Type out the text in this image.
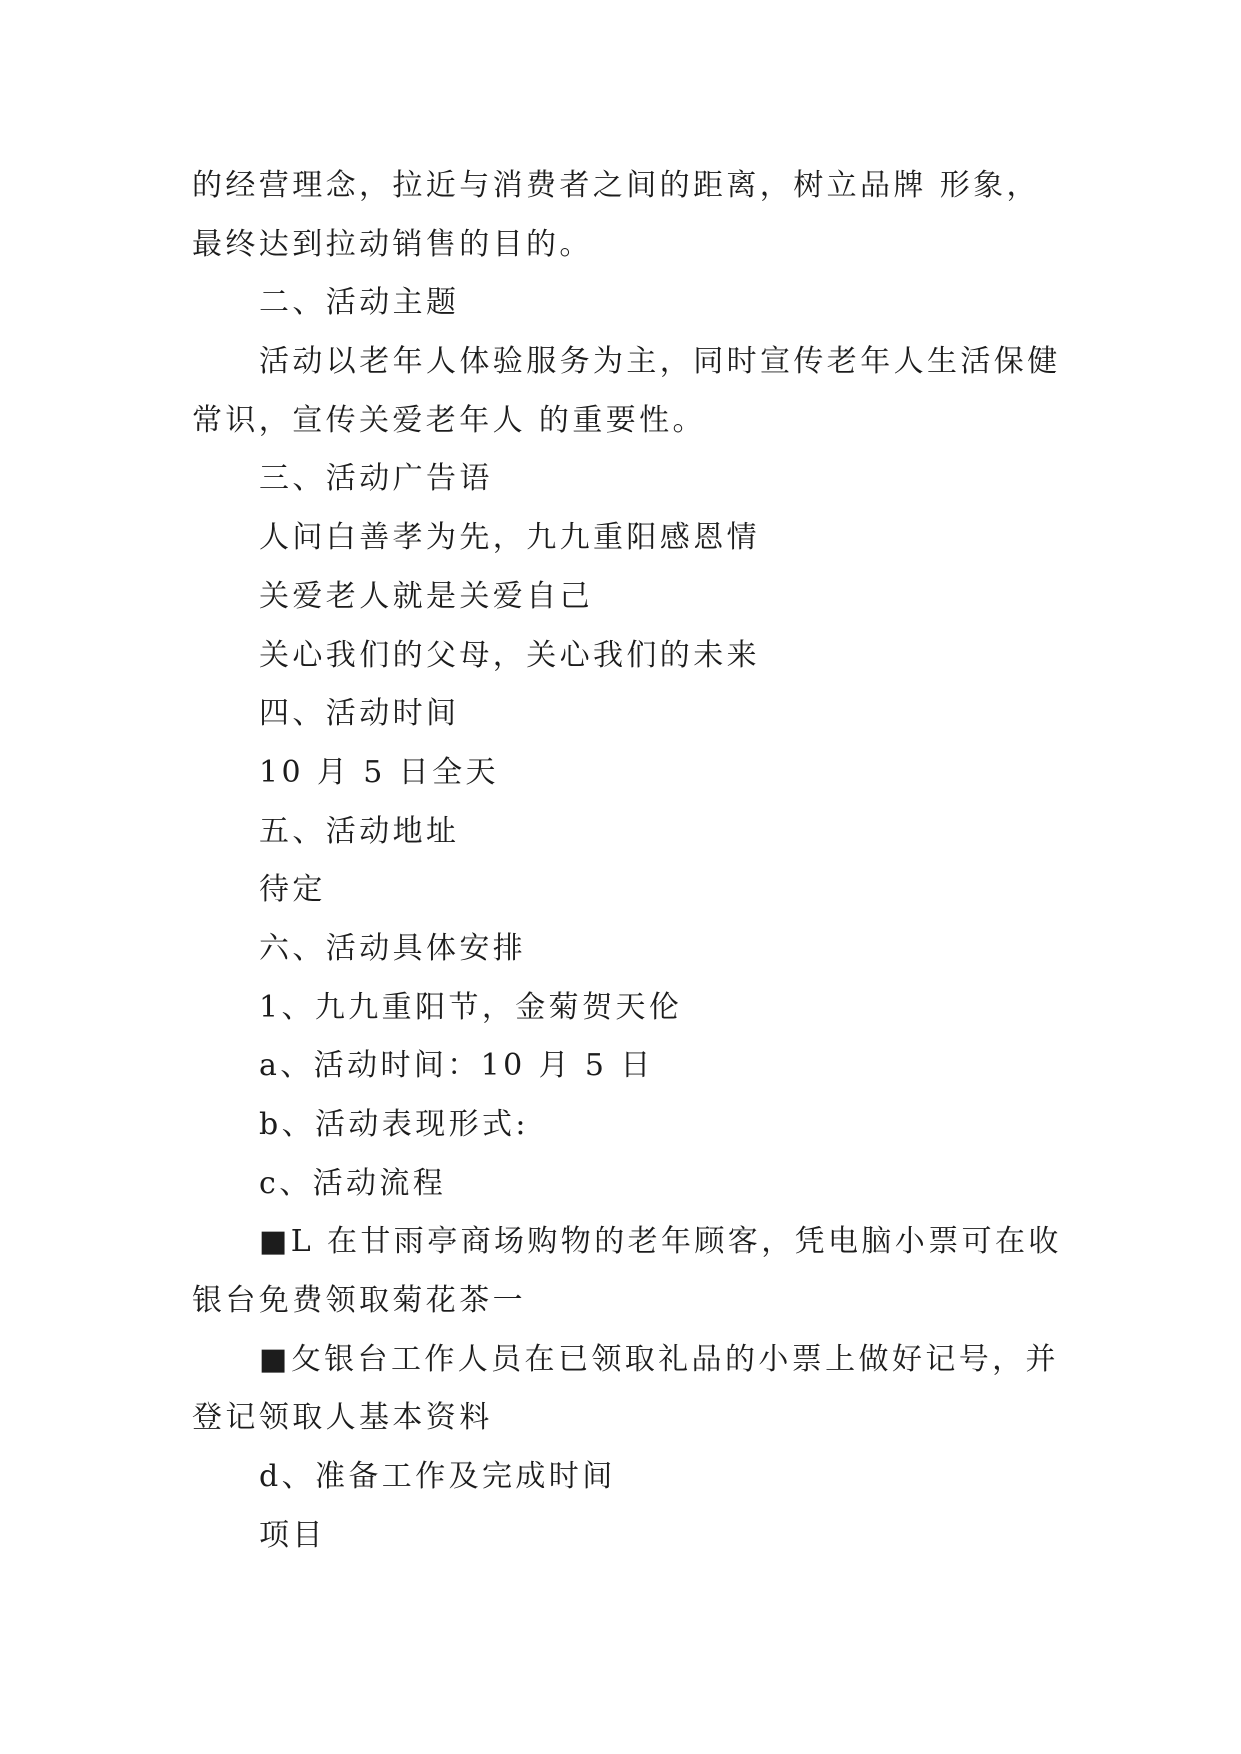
的经营理念，拉近与消费者之间的距离，树立品牌 形象，
最终达到拉动销售的目的。

二、活动主题

活动以老年人体验服务为主，同时宣传老年人生活保健
常识，宣传关爱老年人 的重要性。

三、活动广告语

人问白善孝为先，九九重阳感恩情

关爱老人就是关爱自己

关心我们的父母，关心我们的未来

四、活动时间

10 月 5 日全天

五、活动地址

待定

六、活动具体安排

1、九九重阳节，金菊贺天伦

a、活动时间：10 月 5 日

b、活动表现形式:

c、活动流程

■L 在甘雨亭商场购物的老年顾客，凭电脑小票可在收
银台免费领取菊花茶一

■攵银台工作人员在已领取礼品的小票上做好记号，并
登记领取人基本资料

d、准备工作及完成时间

项目
